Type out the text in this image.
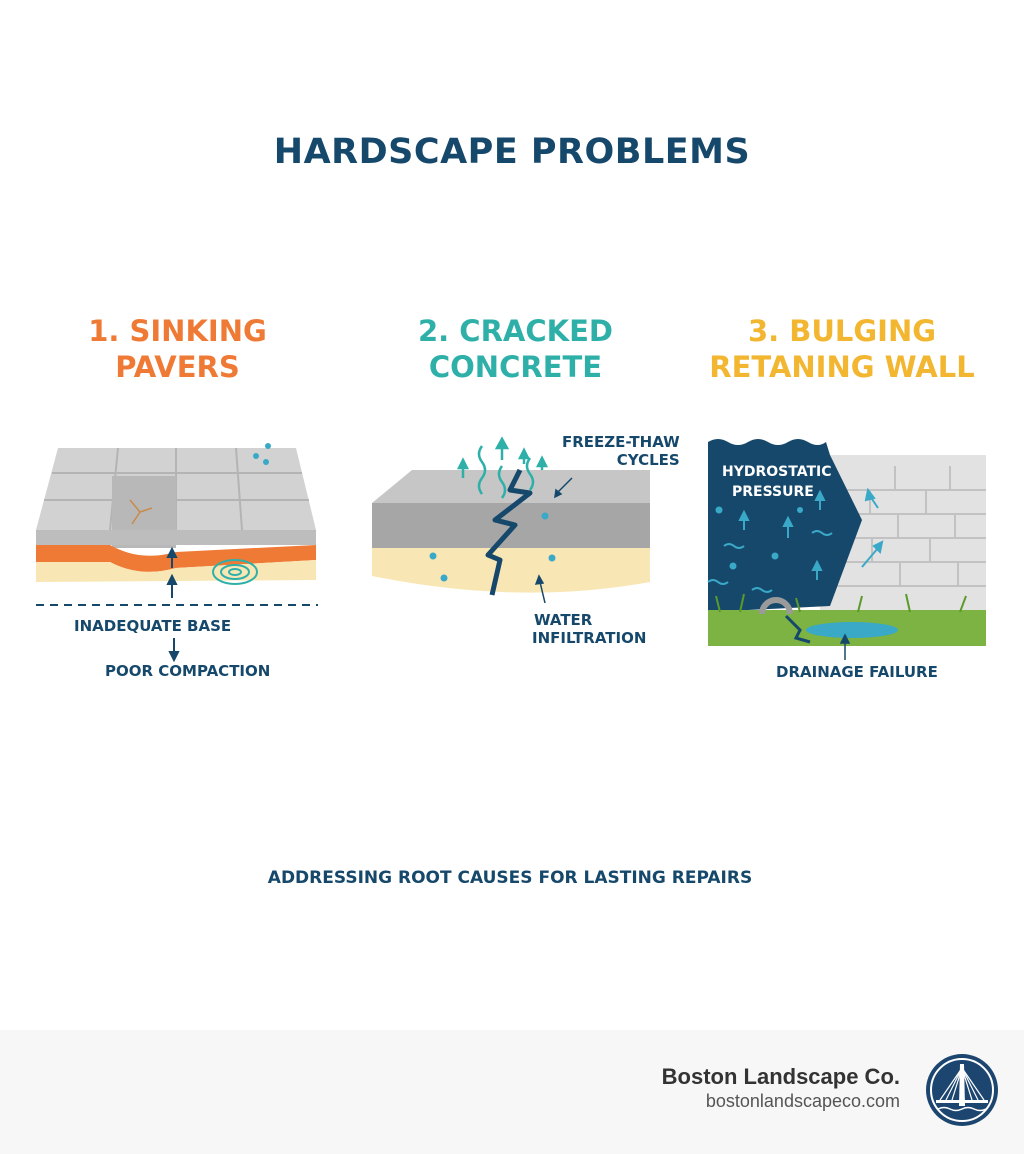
HARDSCAPE PROBLEMS
1. SINKING
PAVERS
2. CRACKED
CONCRETE
3. BULGING
RETANING WALL
INADEQUATE BASE
POOR COMPACTION
FREEZE-THAW
CYCLES
WATER
INFILTRATION
HYDROSTATIC
PRESSURE
DRAINAGE FAILURE
ADDRESSING ROOT CAUSES FOR LASTING REPAIRS
Boston Landscape Co.
bostonlandscapeco.com
